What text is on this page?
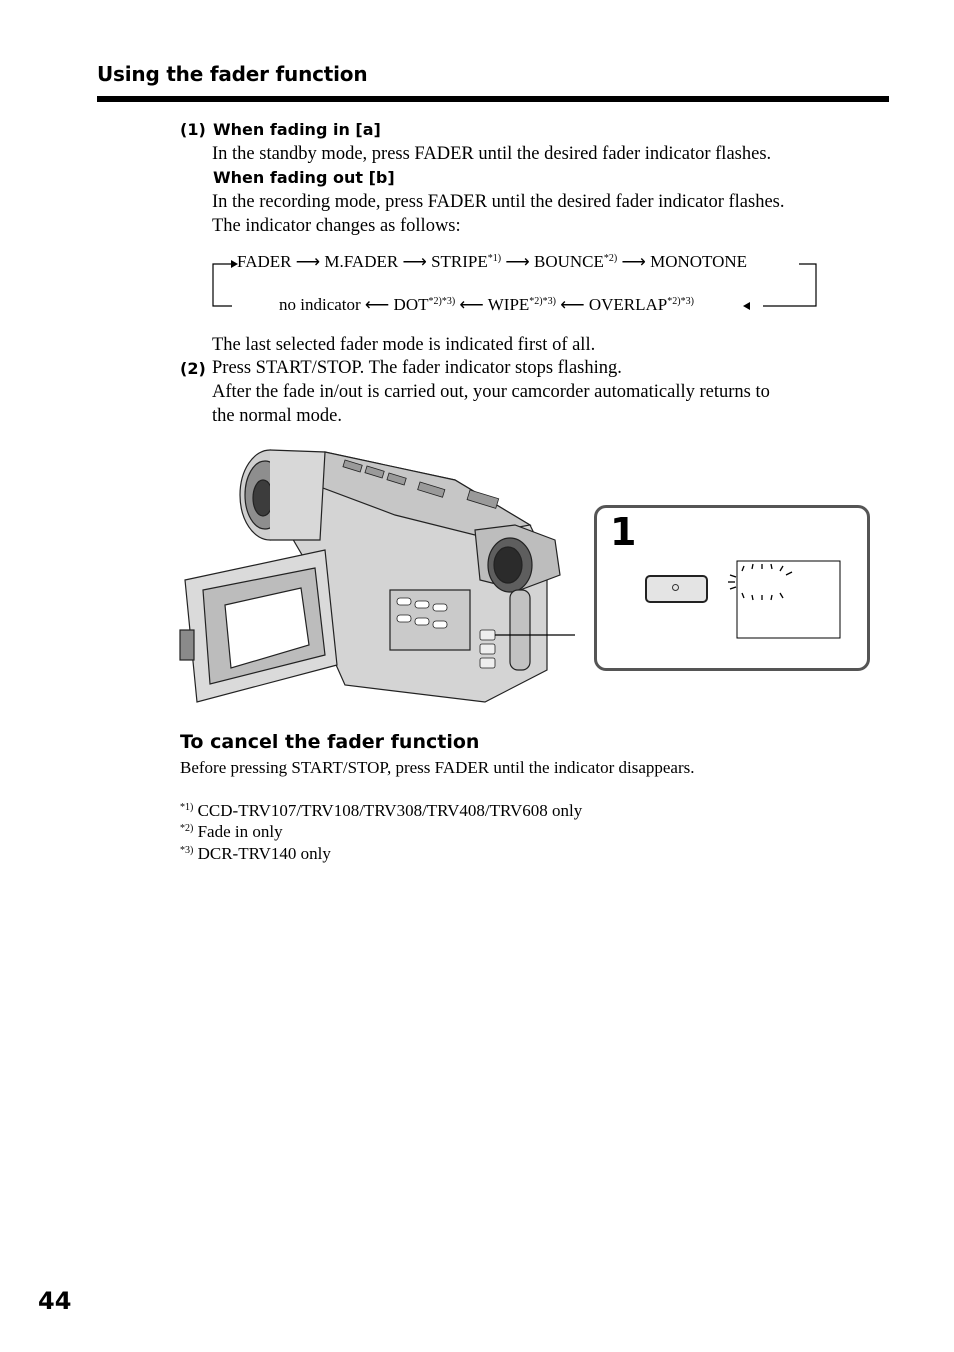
Using the fader function
(1) When fading in [a]
In the standby mode, press FADER until the desired fader indicator flashes.
When fading out [b]
In the recording mode, press FADER until the desired fader indicator flashes.
The indicator changes as follows:
FADER ⟶ M.FADER ⟶ STRIPE$^{*1)}$ ⟶ BOUNCE$^{*2)}$ ⟶ MONOTONE
no indicator ⟵ $DOT^{*2)*3)}$ ⟵ $WIPE^{*2)*3)}$ ⟵ $OVERLAP^{*2)*3)}$
The last selected fader mode is indicated first of all.
(2) Press START/STOP. The fader indicator stops flashing.
After the fade in/out is carried out, your camcorder automatically returns to
the normal mode.
1
To cancel the fader function
Before pressing START/STOP, press FADER until the indicator disappears.
$^{*1)}$ CCD-TRV107/TRV108/TRV308/TRV408/TRV608 only
$^{*2)}$ Fade in only
$^{*3)}$ DCR-TRV140 only
44
